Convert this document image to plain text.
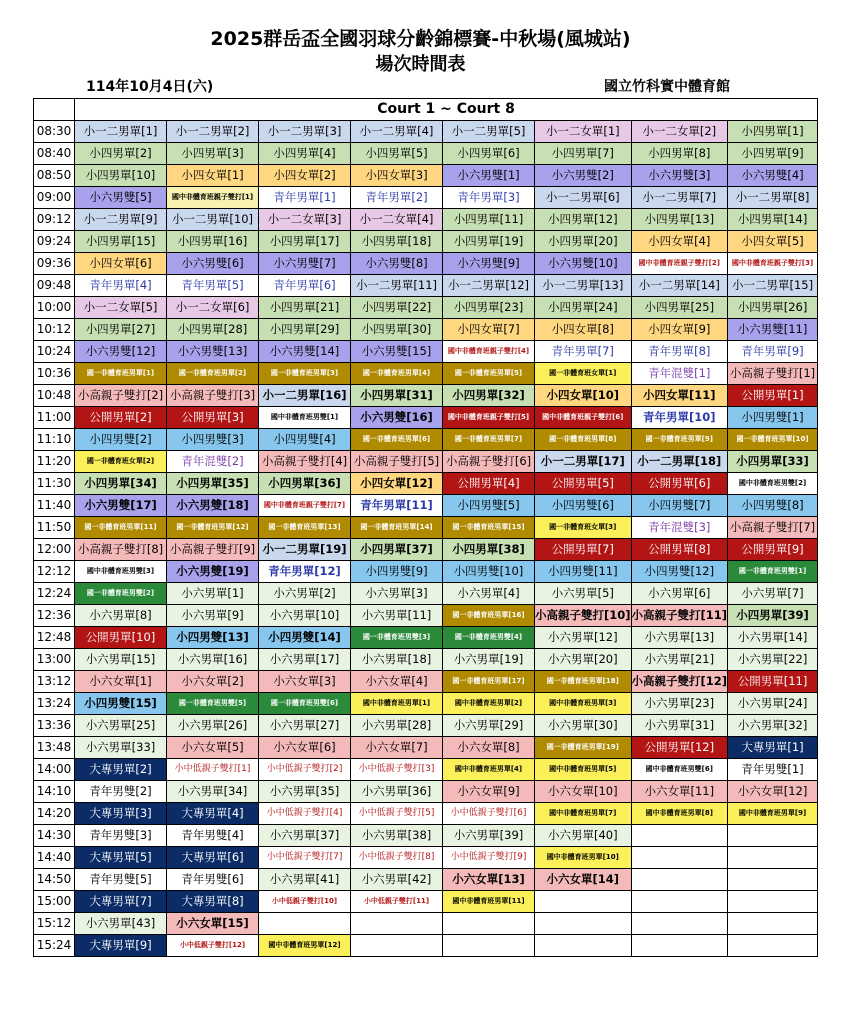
2025群岳盃全國羽球分齡錦標賽-中秋場(風城站)
場次時間表
114年10月4日(六)	國立竹科實中體育館
	Court 1 ~ Court 8							
08:30	小一二男單[1]	小一二男單[2]	小一二男單[3]	小一二男單[4]	小一二男單[5]	小一二女單[1]	小一二女單[2]	小四男單[1]
08:40	小四男單[2]	小四男單[3]	小四男單[4]	小四男單[5]	小四男單[6]	小四男單[7]	小四男單[8]	小四男單[9]
08:50	小四男單[10]	小四女單[1]	小四女單[2]	小四女單[3]	小六男雙[1]	小六男雙[2]	小六男雙[3]	小六男雙[4]
09:00	小六男雙[5]	國中非體育班親子雙打[1]	青年男單[1]	青年男單[2]	青年男單[3]	小一二男單[6]	小一二男單[7]	小一二男單[8]
09:12	小一二男單[9]	小一二男單[10]	小一二女單[3]	小一二女單[4]	小四男單[11]	小四男單[12]	小四男單[13]	小四男單[14]
09:24	小四男單[15]	小四男單[16]	小四男單[17]	小四男單[18]	小四男單[19]	小四男單[20]	小四女單[4]	小四女單[5]
09:36	小四女單[6]	小六男雙[6]	小六男雙[7]	小六男雙[8]	小六男雙[9]	小六男雙[10]	國中非體育班親子雙打[2]	國中非體育班親子雙打[3]
09:48	青年男單[4]	青年男單[5]	青年男單[6]	小一二男單[11]	小一二男單[12]	小一二男單[13]	小一二男單[14]	小一二男單[15]
10:00	小一二女單[5]	小一二女單[6]	小四男單[21]	小四男單[22]	小四男單[23]	小四男單[24]	小四男單[25]	小四男單[26]
10:12	小四男單[27]	小四男單[28]	小四男單[29]	小四男單[30]	小四女單[7]	小四女單[8]	小四女單[9]	小六男雙[11]
10:24	小六男雙[12]	小六男雙[13]	小六男雙[14]	小六男雙[15]	國中非體育班親子雙打[4]	青年男單[7]	青年男單[8]	青年男單[9]
10:36	國一非體育班男單[1]	國一非體育班男單[2]	國一非體育班男單[3]	國一非體育班男單[4]	國一非體育班男單[5]	國一非體育班女單[1]	青年混雙[1]	小高親子雙打[1]
10:48	小高親子雙打[2]	小高親子雙打[3]	小一二男單[16]	小四男單[31]	小四男單[32]	小四女單[10]	小四女單[11]	公開男單[1]
11:00	公開男單[2]	公開男單[3]	國中非體育班男雙[1]	小六男雙[16]	國中非體育班親子雙打[5]	國中非體育班親子雙打[6]	青年男單[10]	小四男雙[1]
11:10	小四男雙[2]	小四男雙[3]	小四男雙[4]	國一非體育班男單[6]	國一非體育班男單[7]	國一非體育班男單[8]	國一非體育班男單[9]	國一非體育班男單[10]
11:20	國一非體育班女單[2]	青年混雙[2]	小高親子雙打[4]	小高親子雙打[5]	小高親子雙打[6]	小一二男單[17]	小一二男單[18]	小四男單[33]
11:30	小四男單[34]	小四男單[35]	小四男單[36]	小四女單[12]	公開男單[4]	公開男單[5]	公開男單[6]	國中非體育班男雙[2]
11:40	小六男雙[17]	小六男雙[18]	國中非體育班親子雙打[7]	青年男單[11]	小四男雙[5]	小四男雙[6]	小四男雙[7]	小四男雙[8]
11:50	國一非體育班男單[11]	國一非體育班男單[12]	國一非體育班男單[13]	國一非體育班男單[14]	國一非體育班男單[15]	國一非體育班女單[3]	青年混雙[3]	小高親子雙打[7]
12:00	小高親子雙打[8]	小高親子雙打[9]	小一二男單[19]	小四男單[37]	小四男單[38]	公開男單[7]	公開男單[8]	公開男單[9]
12:12	國中非體育班男雙[3]	小六男雙[19]	青年男單[12]	小四男雙[9]	小四男雙[10]	小四男雙[11]	小四男雙[12]	國一非體育班男雙[1]
12:24	國一非體育班男雙[2]	小六男單[1]	小六男單[2]	小六男單[3]	小六男單[4]	小六男單[5]	小六男單[6]	小六男單[7]
12:36	小六男單[8]	小六男單[9]	小六男單[10]	小六男單[11]	國一非體育班男單[16]	小高親子雙打[10]	小高親子雙打[11]	小四男單[39]
12:48	公開男單[10]	小四男雙[13]	小四男雙[14]	國一非體育班男雙[3]	國一非體育班男雙[4]	小六男單[12]	小六男單[13]	小六男單[14]
13:00	小六男單[15]	小六男單[16]	小六男單[17]	小六男單[18]	小六男單[19]	小六男單[20]	小六男單[21]	小六男單[22]
13:12	小六女單[1]	小六女單[2]	小六女單[3]	小六女單[4]	國一非體育班男單[17]	國一非體育班男單[18]	小高親子雙打[12]	公開男單[11]
13:24	小四男雙[15]	國一非體育班男雙[5]	國一非體育班男雙[6]	國中非體育班男單[1]	國中非體育班男單[2]	國中非體育班男單[3]	小六男單[23]	小六男單[24]
13:36	小六男單[25]	小六男單[26]	小六男單[27]	小六男單[28]	小六男單[29]	小六男單[30]	小六男單[31]	小六男單[32]
13:48	小六男單[33]	小六女單[5]	小六女單[6]	小六女單[7]	小六女單[8]	國一非體育班男單[19]	公開男單[12]	大專男單[1]
14:00	大專男單[2]	小中低親子雙打[1]	小中低親子雙打[2]	小中低親子雙打[3]	國中非體育班男單[4]	國中非體育班男單[5]	國中非體育班男雙[6]	青年男雙[1]
14:10	青年男雙[2]	小六男單[34]	小六男單[35]	小六男單[36]	小六女單[9]	小六女單[10]	小六女單[11]	小六女單[12]
14:20	大專男單[3]	大專男單[4]	小中低親子雙打[4]	小中低親子雙打[5]	小中低親子雙打[6]	國中非體育班男單[7]	國中非體育班男單[8]	國中非體育班男單[9]
14:30	青年男雙[3]	青年男雙[4]	小六男單[37]	小六男單[38]	小六男單[39]	小六男單[40]		
14:40	大專男單[5]	大專男單[6]	小中低親子雙打[7]	小中低親子雙打[8]	小中低親子雙打[9]	國中非體育班男單[10]		
14:50	青年男雙[5]	青年男雙[6]	小六男單[41]	小六男單[42]	小六女單[13]	小六女單[14]		
15:00	大專男單[7]	大專男單[8]	小中低親子雙打[10]	小中低親子雙打[11]	國中非體育班男單[11]			
15:12	小六男單[43]	小六女單[15]						
15:24	大專男單[9]	小中低親子雙打[12]	國中非體育班男單[12]					
